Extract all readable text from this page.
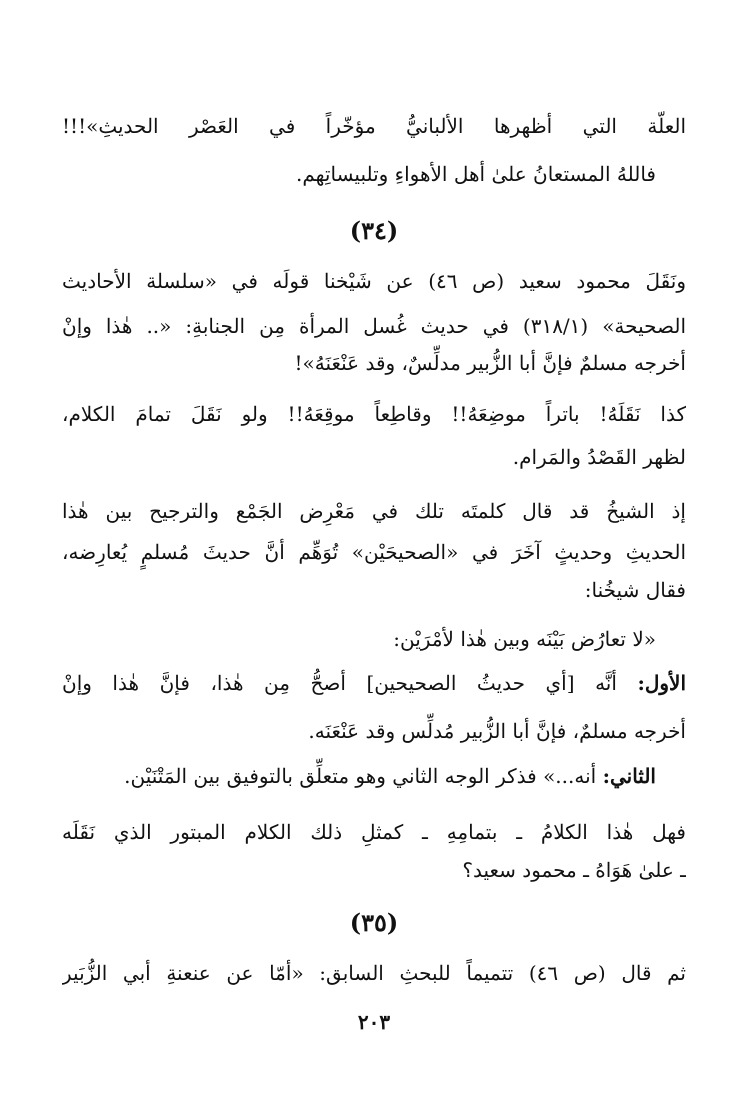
العلّة التي أظهرها الألبانيُّ مؤخّراً في العَصْر الحديثِ»!!!
فاللهُ المستعانُ علىٰ أهل الأهواءِ وتلبيساتِهم.
(٣٤)
ونَقَلَ محمود سعيد (ص ٤٦) عن شَيْخنا قولَه في «سلسلة الأحاديث
الصحيحة» (٣١٨/١) في حديث غُسل المرأة مِن الجنابةِ: «.. هٰذا وإنْ
أخرجه مسلمٌ فإنَّ أبا الزُّبير مدلِّسٌ، وقد عَنْعَنَهُ»!
كذا نَقَلَهُ! باتراً موضِعَهُ!! وقاطِعاً موقِعَهُ!! ولو نَقَلَ تمامَ الكلام،
لظهر القَصْدُ والمَرام.
إذ الشيخُ قد قال كلمتَه تلك في مَعْرِض الجَمْع والترجيح بين هٰذا
الحديثِ وحديثٍ آخَرَ في «الصحيحَيْن» تُوَهِّم أنَّ حديثَ مُسلمٍ يُعارِضه،
فقال شيخُنا:
«لا تعارُض بَيْنَه وبين هٰذا لأمْرَيْن:
الأول: أنَّه [أي حديثُ الصحيحين] أصحُّ مِن هٰذا، فإنَّ هٰذا وإنْ
أخرجه مسلمٌ، فإنَّ أبا الزُّبير مُدلِّس وقد عَنْعَنَه.
الثاني: أنه...» فذكر الوجه الثاني وهو متعلِّق بالتوفيق بين المَتْنَيْن.
فهل هٰذا الكلامُ ـ بتمامِهِ ـ كمثلِ ذلك الكلام المبتور الذي نَقَلَه
ـ علىٰ هَوَاهُ ـ محمود سعيد؟
(٣٥)
ثم قال (ص ٤٦) تتميماً للبحثِ السابق: «أمّا عن عنعنةِ أبي الزُّبَير
٢٠٣
